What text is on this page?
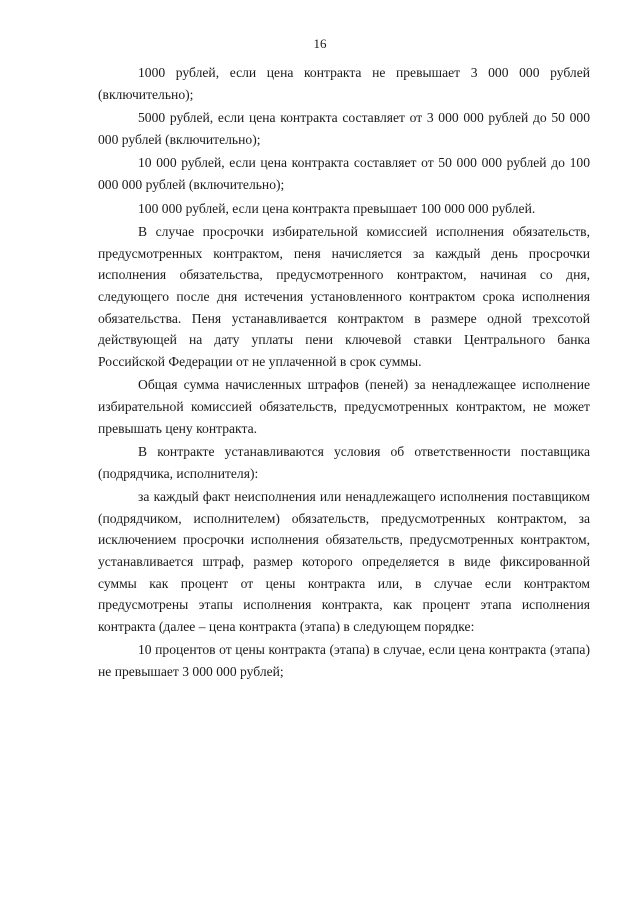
16

1000 рублей, если цена контракта не превышает 3 000 000 рублей (включительно);

5000 рублей, если цена контракта составляет от 3 000 000 рублей до 50 000 000 рублей (включительно);

10 000 рублей, если цена контракта составляет от 50 000 000 рублей до 100 000 000 рублей (включительно);

100 000 рублей, если цена контракта превышает 100 000 000 рублей.

В случае просрочки избирательной комиссией исполнения обязательств, предусмотренных контрактом, пеня начисляется за каждый день просрочки исполнения обязательства, предусмотренного контрактом, начиная со дня, следующего после дня истечения установленного контрактом срока исполнения обязательства. Пеня устанавливается контрактом в размере одной трехсотой действующей на дату уплаты пени ключевой ставки Центрального банка Российской Федерации от не уплаченной в срок суммы.

Общая сумма начисленных штрафов (пеней) за ненадлежащее исполнение избирательной комиссией обязательств, предусмотренных контрактом, не может превышать цену контракта.

В контракте устанавливаются условия об ответственности поставщика (подрядчика, исполнителя):

за каждый факт неисполнения или ненадлежащего исполнения поставщиком (подрядчиком, исполнителем) обязательств, предусмотренных контрактом, за исключением просрочки исполнения обязательств, предусмотренных контрактом, устанавливается штраф, размер которого определяется в виде фиксированной суммы как процент от цены контракта или, в случае если контрактом предусмотрены этапы исполнения контракта, как процент этапа исполнения контракта (далее – цена контракта (этапа) в следующем порядке:

10 процентов от цены контракта (этапа) в случае, если цена контракта (этапа) не превышает 3 000 000 рублей;
